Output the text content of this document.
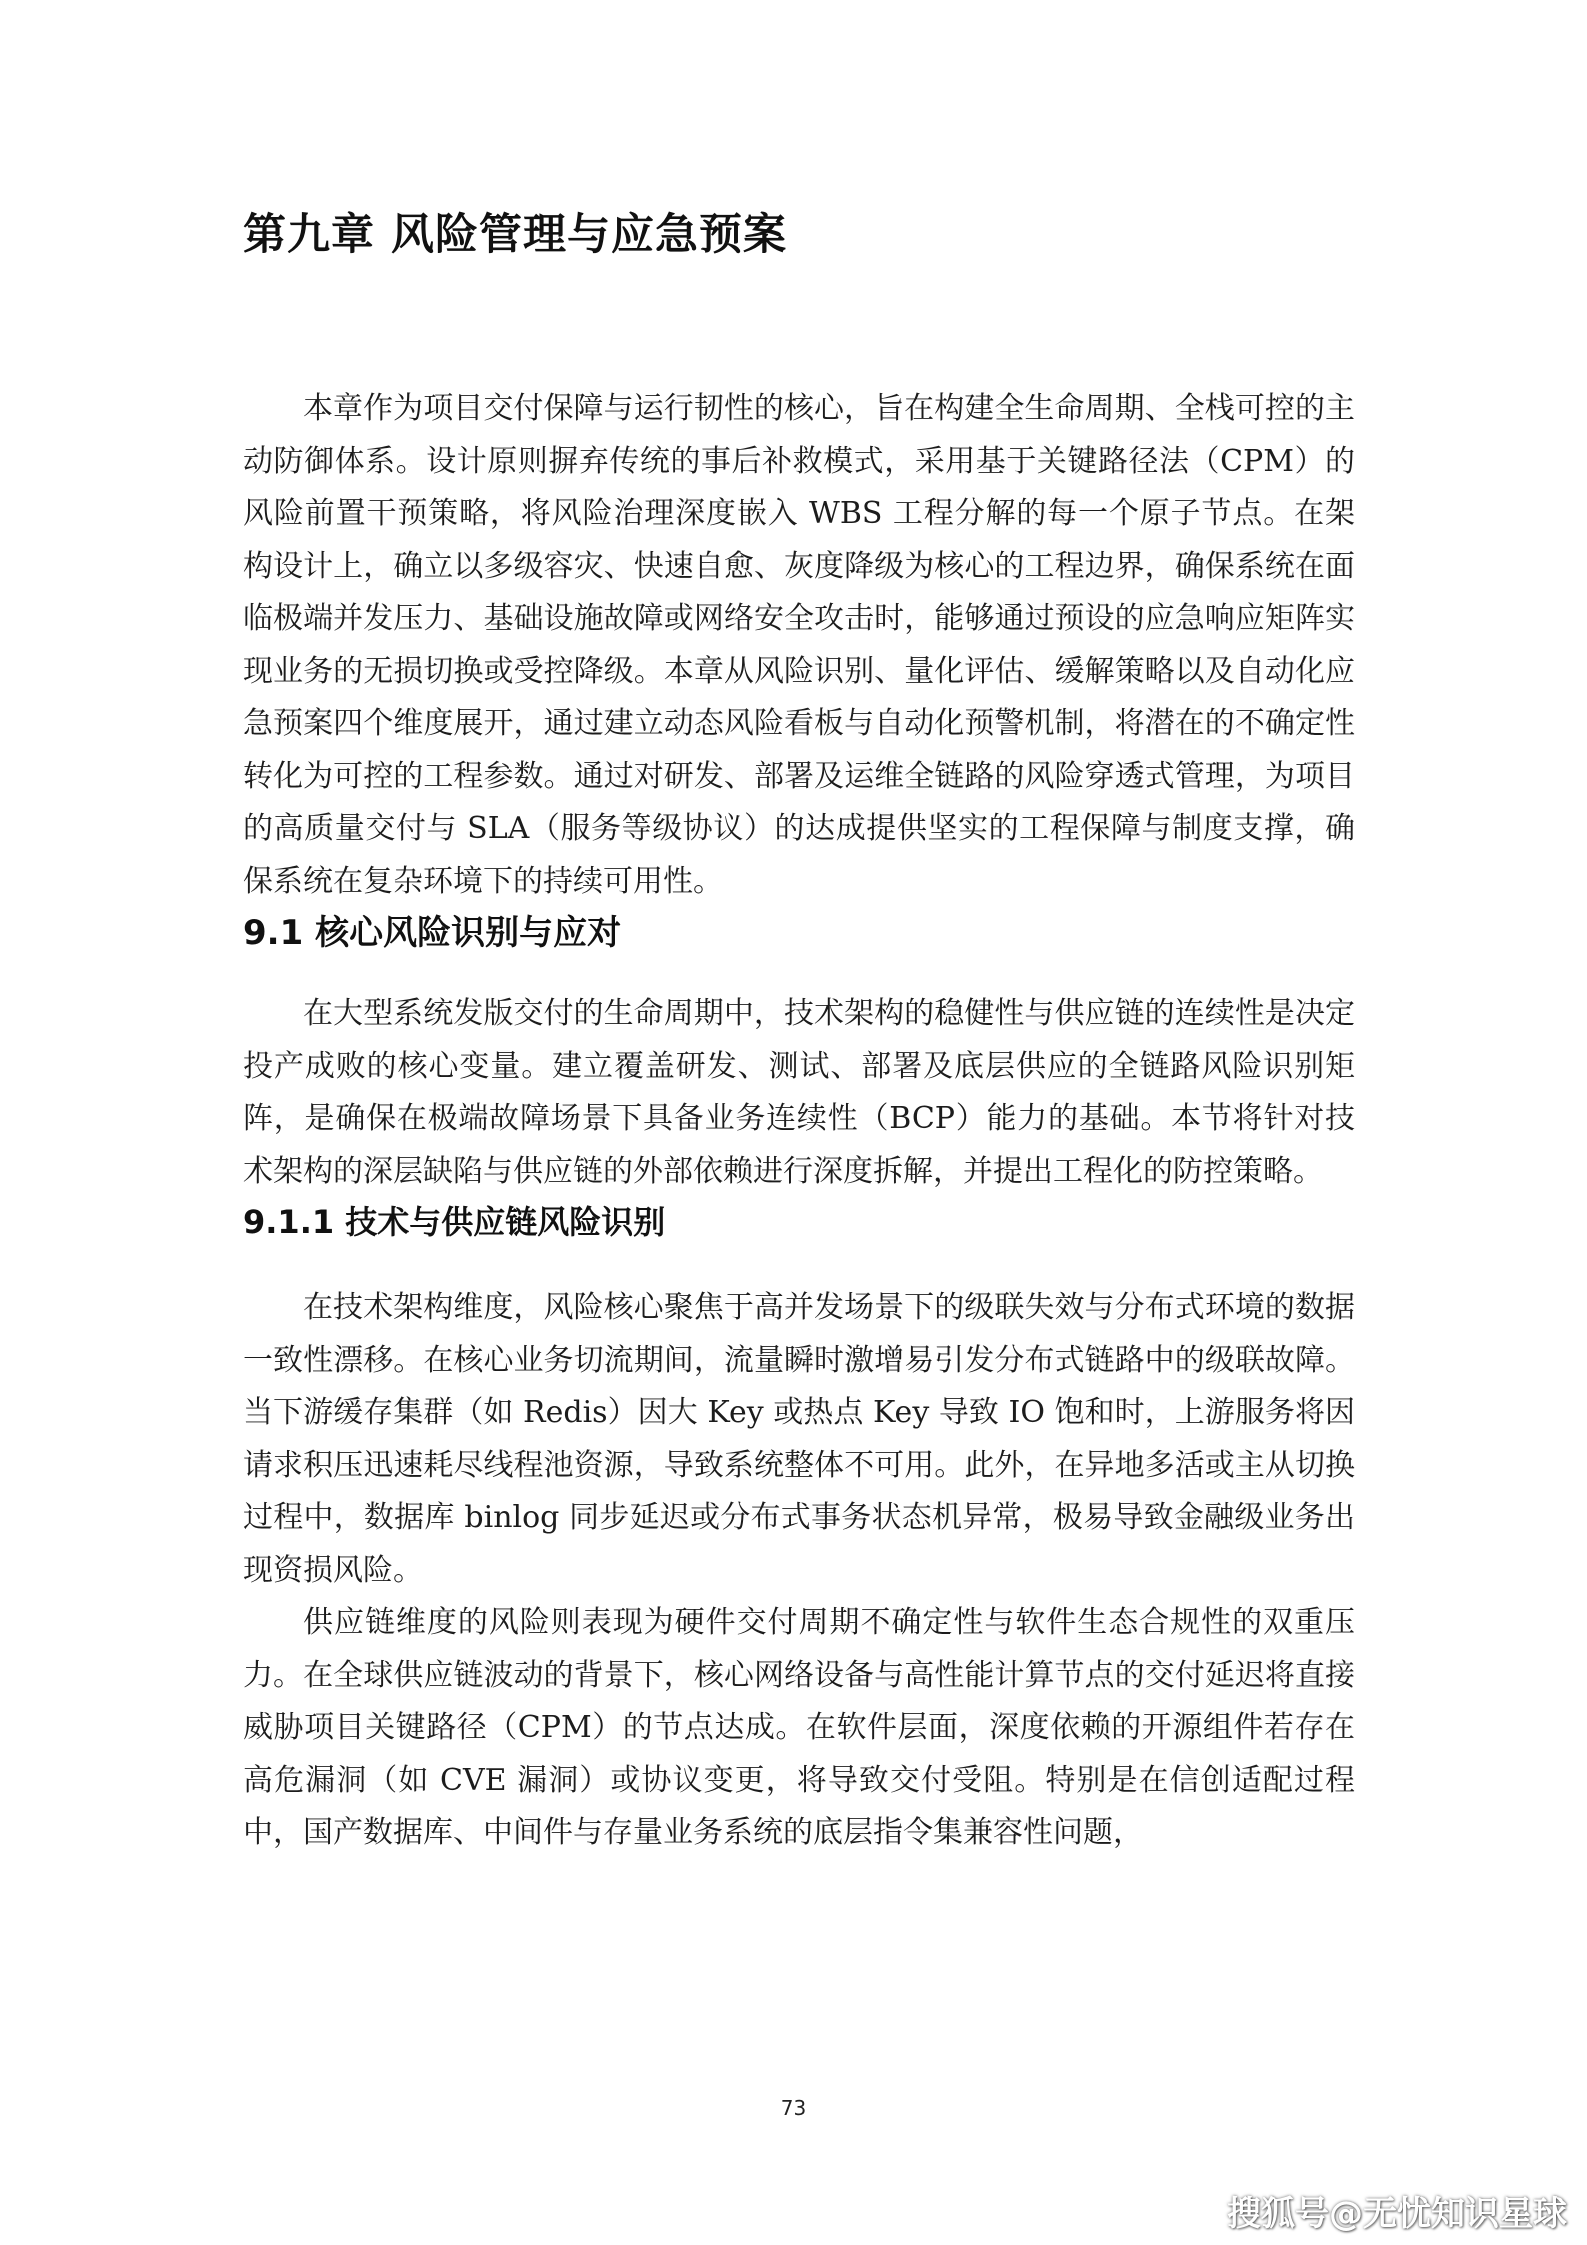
第九章 风险管理与应急预案

本章作为项目交付保障与运行韧性的核心，旨在构建全生命周期、全栈可控的主动防御体系。设计原则摒弃传统的事后补救模式，采用基于关键路径法（CPM）的风险前置干预策略，将风险治理深度嵌入 WBS 工程分解的每一个原子节点。在架构设计上，确立以多级容灾、快速自愈、灰度降级为核心的工程边界，确保系统在面临极端并发压力、基础设施故障或网络安全攻击时，能够通过预设的应急响应矩阵实现业务的无损切换或受控降级。本章从风险识别、量化评估、缓解策略以及自动化应急预案四个维度展开，通过建立动态风险看板与自动化预警机制，将潜在的不确定性转化为可控的工程参数。通过对研发、部署及运维全链路的风险穿透式管理，为项目的高质量交付与 SLA（服务等级协议）的达成提供坚实的工程保障与制度支撑，确保系统在复杂环境下的持续可用性。

9.1 核心风险识别与应对

在大型系统发版交付的生命周期中，技术架构的稳健性与供应链的连续性是决定投产成败的核心变量。建立覆盖研发、测试、部署及底层供应的全链路风险识别矩阵，是确保在极端故障场景下具备业务连续性（BCP）能力的基础。本节将针对技术架构的深层缺陷与供应链的外部依赖进行深度拆解，并提出工程化的防控策略。

9.1.1 技术与供应链风险识别

在技术架构维度，风险核心聚焦于高并发场景下的级联失效与分布式环境的数据一致性漂移。在核心业务切流期间，流量瞬时激增易引发分布式链路中的级联故障。当下游缓存集群（如 Redis）因大 Key 或热点 Key 导致 IO 饱和时，上游服务将因请求积压迅速耗尽线程池资源，导致系统整体不可用。此外，在异地多活或主从切换过程中，数据库 binlog 同步延迟或分布式事务状态机异常，极易导致金融级业务出现资损风险。

供应链维度的风险则表现为硬件交付周期不确定性与软件生态合规性的双重压力。在全球供应链波动的背景下，核心网络设备与高性能计算节点的交付延迟将直接威胁项目关键路径（CPM）的节点达成。在软件层面，深度依赖的开源组件若存在高危漏洞（如 CVE 漏洞）或协议变更，将导致交付受阻。特别是在信创适配过程中，国产数据库、中间件与存量业务系统的底层指令集兼容性问题，

73
搜狐号@无忧知识星球
